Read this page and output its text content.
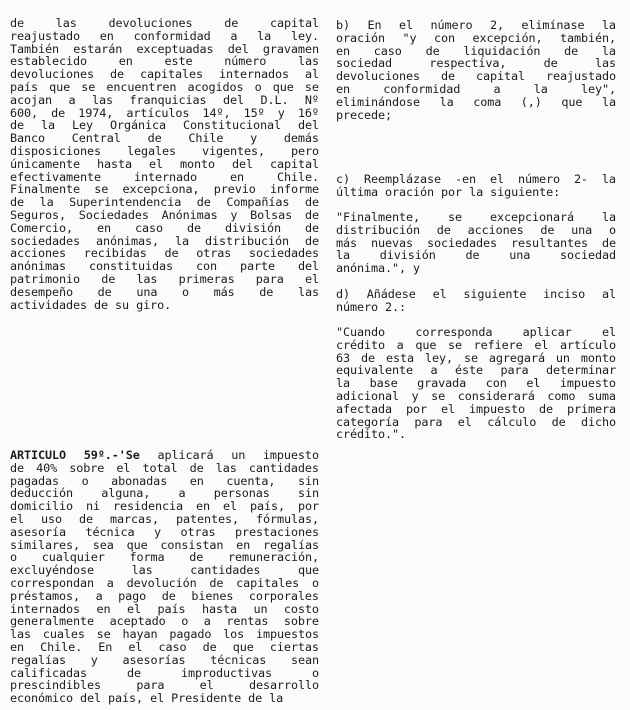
de	las	devoluciones	de	capital
reajustado en conformidad a la ley.
También estarán exceptuadas del gravamen
establecido	en	este	número	las
devoluciones de capitales internados al
país que se encuentren acogidos o que se
acojan a las franquicias del D.L. Nº
600, de 1974, artículos 14º, 15º y 16º
de la Ley Orgánica Constitucional del
Banco Central de Chile y demás
disposiciones legales vigentes, pero
únicamente hasta el monto del capital
efectivamente	internado	en	Chile.
Finalmente se excepciona, previo informe
de la Superintendencia de Compañías de
Seguros, Sociedades Anónimas y Bolsas de
Comercio, en caso de división de
sociedades anónimas, la distribución de
acciones recibidas de otras sociedades
anónimas constituidas con parte del
patrimonio de las primeras para el
desempeño de una o más de las
actividades de su giro.
ARTICULO 59º.-'Se aplicará un impuesto
de 40% sobre el total de las cantidades
pagadas o abonadas en cuenta, sin
deducción alguna, a personas sin
domicilio ni residencia en el país, por
el uso de marcas, patentes, fórmulas,
asesoría técnica y otras prestaciones
similares, sea que consistan en regalías
o cualquier forma de remuneración,
excluyéndose	las	cantidades	que
correspondan a devolución de capitales o
préstamos, a pago de bienes corporales
internados en el país hasta un costo
generalmente aceptado o a rentas sobre
las cuales se hayan pagado los impuestos
en Chile. En el caso de que ciertas
regalías y asesorías técnicas sean
calificadas	de	improductivas	o
prescindibles	para	el	desarrollo
económico del país, el Presidente de la
b) En el número 2, elimínase la
oración "y con excepción, también,
en caso de liquidación de la
sociedad	respectiva,	de	las
devoluciones de capital reajustado
en	conformidad	a	la	ley",
eliminándose la coma (,) que la
precede;
c) Reemplázase -en el número 2- la
última oración por la siguiente:
"Finalmente, se excepcionará la
distribución de acciones de una o
más nuevas sociedades resultantes de
la	división	de	una	sociedad
anónima.", y
d) Añádese el siguiente inciso al
número 2.:
"Cuando	corresponda	aplicar	el
crédito a que se refiere el artículo
63 de esta ley, se agregará un monto
equivalente a éste para determinar
la base gravada con el impuesto
adicional y se considerará como suma
afectada por el impuesto de primera
categoría para el cálculo de dicho
crédito.".
